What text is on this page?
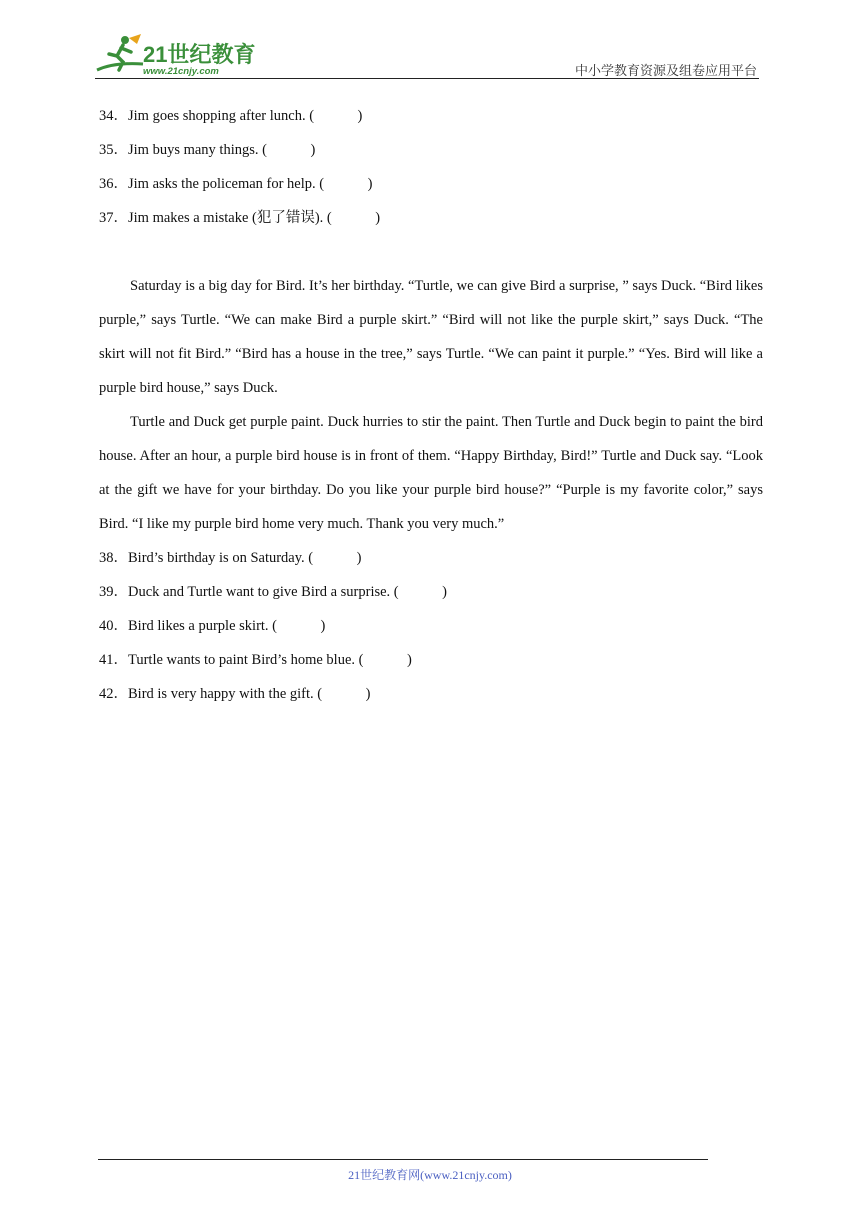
21世纪教育
www.21cnjy.com	中小学教育资源及组卷应用平台
34．Jim goes shopping after lunch. (　　　)
35．Jim buys many things. (　　　)
36．Jim asks the policeman for help. (　　　)
37．Jim makes a mistake (犯了错误). (　　　)
Saturday is a big day for Bird. It’s her birthday. “Turtle, we can give Bird a surprise, ” says Duck. “Bird likes purple,” says Turtle. “We can make Bird a purple skirt.” “Bird will not like the purple skirt,” says Duck. “The skirt will not fit Bird.” “Bird has a house in the tree,” says Turtle. “We can paint it purple.” “Yes. Bird will like a purple bird house,” says Duck.
Turtle and Duck get purple paint. Duck hurries to stir the paint. Then Turtle and Duck begin to paint the bird house. After an hour, a purple bird house is in front of them. “Happy Birthday, Bird!” Turtle and Duck say. “Look at the gift we have for your birthday. Do you like your purple bird house?” “Purple is my favorite color,” says Bird. “I like my purple bird home very much. Thank you very much.”
38．Bird’s birthday is on Saturday. (　　　)
39．Duck and Turtle want to give Bird a surprise. (　　　)
40．Bird likes a purple skirt. (　　　)
41．Turtle wants to paint Bird’s home blue. (　　　)
42．Bird is very happy with the gift. (　　　)
21世纪教育网(www.21cnjy.com)
